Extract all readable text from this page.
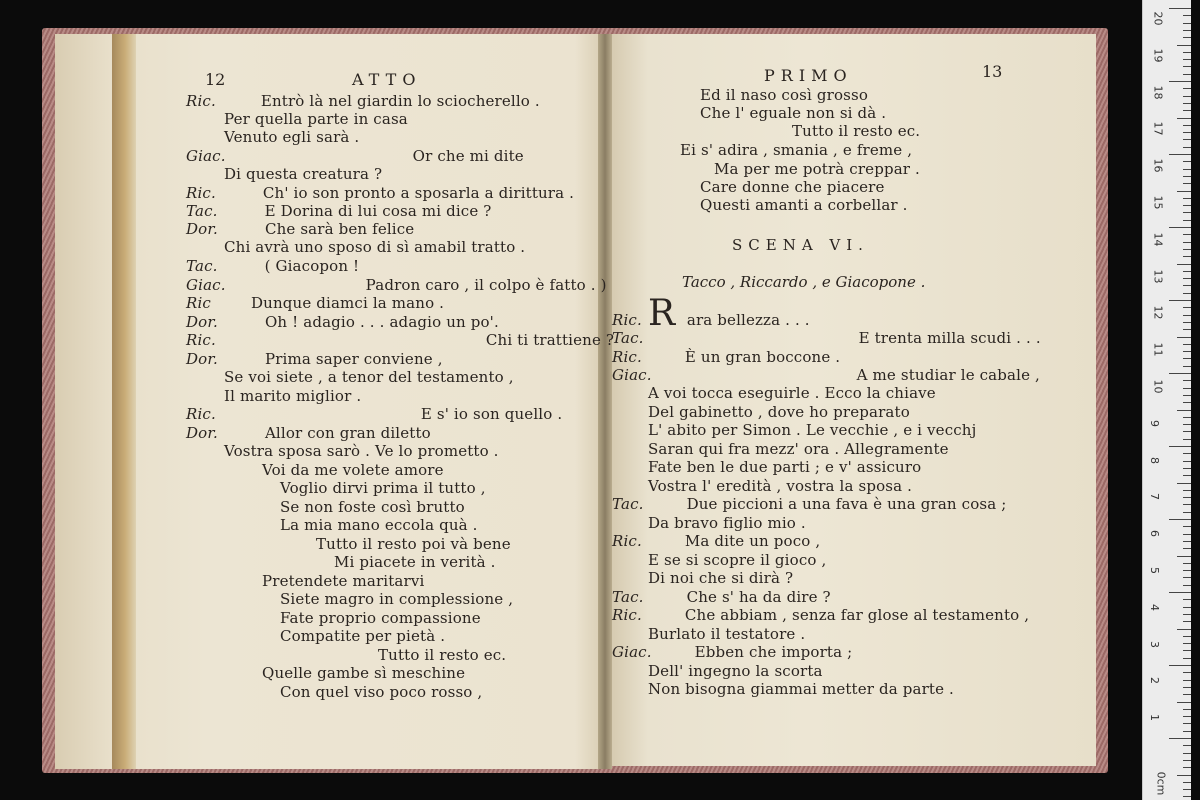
12	ATTO
Ric.	Entrò là nel giardin lo sciocherello .
Per quella parte in casa
Venuto egli sarà .
Giac.	Or che mi dite
Di questa creatura ?
Ric.	Ch' io son pronto a sposarla a dirittura .
Tac.	E Dorina di lui cosa mi dice ?
Dor.	Che sarà ben felice
Chi avrà uno sposo di sì amabil tratto .
Tac.	( Giacopon !
Giac.	Padron caro , il colpo è fatto . )
Ric	Dunque diamci la mano .
Dor.	Oh ! adagio . . . adagio un po'.
Ric.	Chi ti trattiene ?
Dor.	Prima saper conviene ,
Se voi siete , a tenor del testamento ,
Il marito miglior .
Ric.	E s' io son quello .
Dor.	Allor con gran diletto
Vostra sposa sarò . Ve lo prometto .
Voi da me volete amore
Voglio dirvi prima il tutto ,
Se non foste così brutto
La mia mano eccola quà .
Tutto il resto poi và bene
Mi piacete in verità .
Pretendete maritarvi
Siete magro in complessione ,
Fate proprio compassione
Compatite per pietà .
Tutto il resto ec.
Quelle gambe sì meschine
Con quel viso poco rosso ,
PRIMO	13
Ed il naso così grosso
Che l' eguale non si dà .
Tutto il resto ec.
Ei s' adira , smania , e freme ,
Ma per me potrà creppar .
Care donne che piacere
Questi amanti a corbellar .
SCENA VI.
Tacco , Riccardo , e Giacopone .
R
Ric.	ara bellezza . . .
Tac.	E trenta milla scudi . . .
Ric.	È un gran boccone .
Giac.	A me studiar le cabale ,
A voi tocca eseguirle . Ecco la chiave
Del gabinetto , dove ho preparato
L' abito per Simon . Le vecchie , e i vecchj
Saran qui fra mezz' ora . Allegramente
Fate ben le due parti ; e v' assicuro
Vostra l' eredità , vostra la sposa .
Tac.	Due piccioni a una fava è una gran cosa ;
Da bravo figlio mio .
Ric.	Ma dite un poco ,
E se si scopre il gioco ,
Di noi che si dirà ?
Tac.	Che s' ha da dire ?
Ric.	Che abbiam , senza far glose al testamento ,
Burlato il testatore .
Giac.	Ebben che importa ;
Dell' ingegno la scorta
Non bisogna giammai metter da parte .
0cm
20
19
18
17
16
15
14
13
12
11
10
9
8
7
6
5
4
3
2
1
